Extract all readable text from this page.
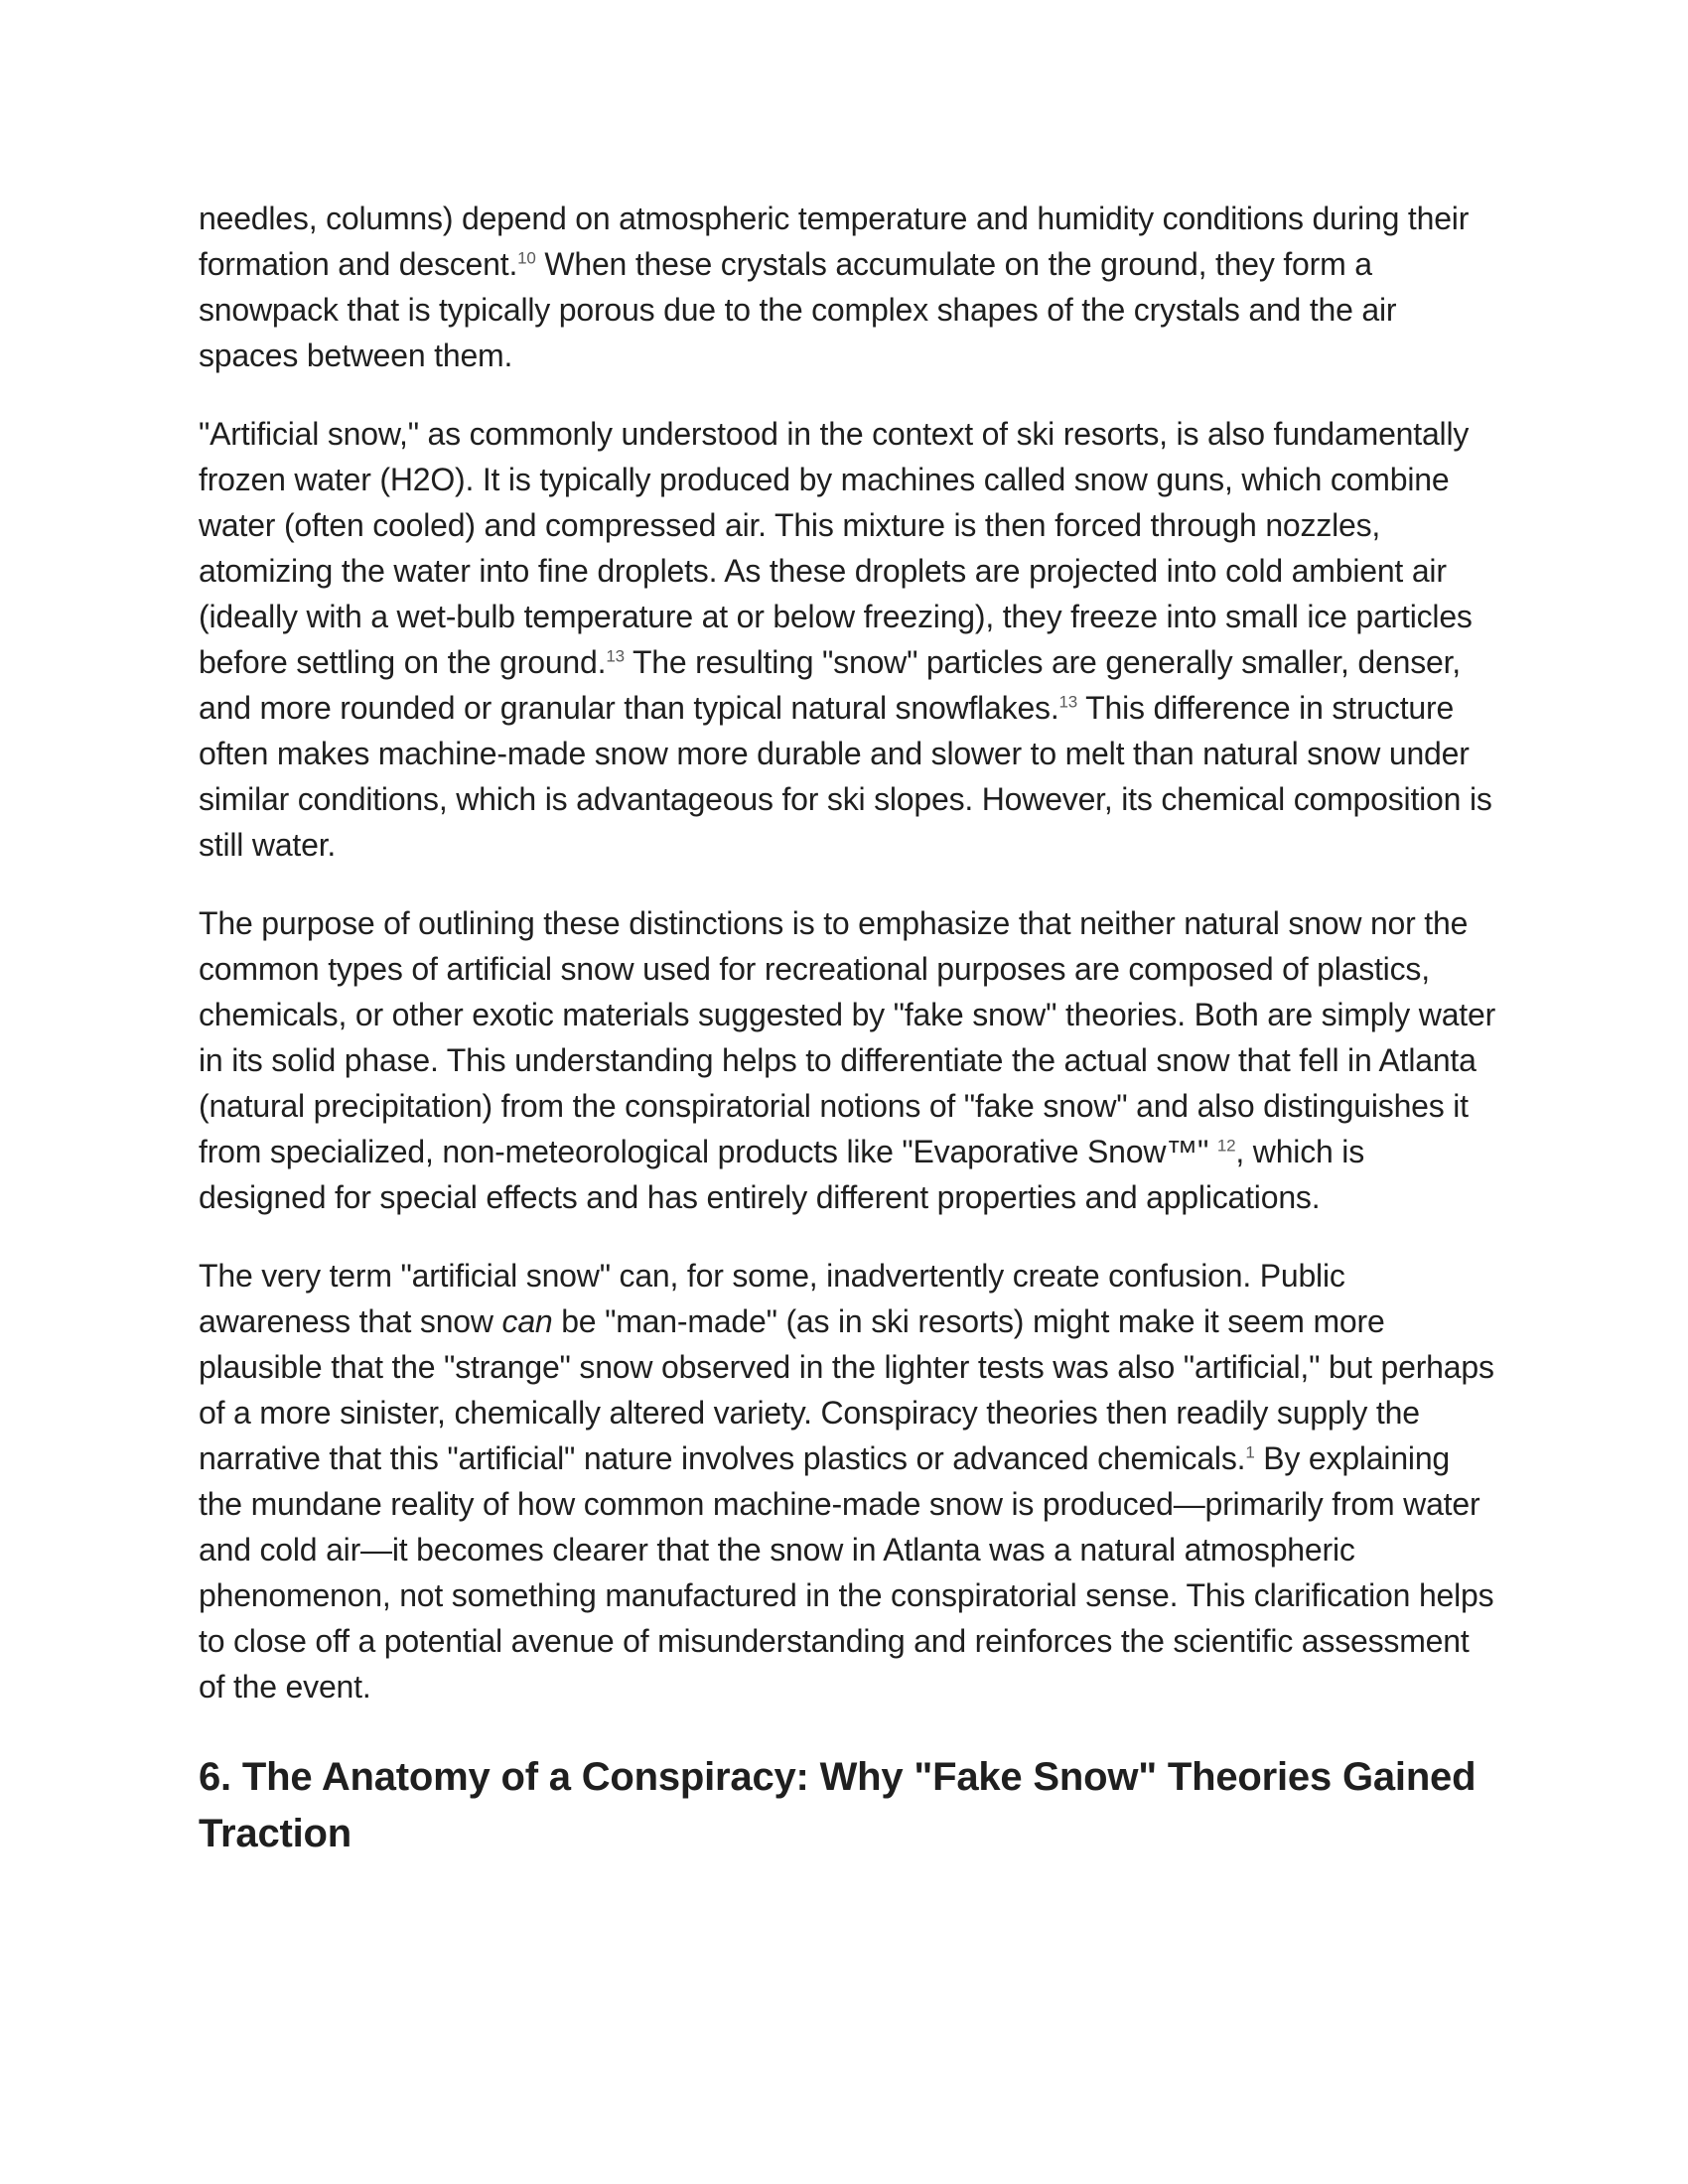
needles, columns) depend on atmospheric temperature and humidity conditions during their formation and descent.$^{10}$ When these crystals accumulate on the ground, they form a snowpack that is typically porous due to the complex shapes of the crystals and the air spaces between them.

"Artificial snow," as commonly understood in the context of ski resorts, is also fundamentally frozen water (H2O). It is typically produced by machines called snow guns, which combine water (often cooled) and compressed air. This mixture is then forced through nozzles, atomizing the water into fine droplets. As these droplets are projected into cold ambient air (ideally with a wet-bulb temperature at or below freezing), they freeze into small ice particles before settling on the ground.$^{13}$ The resulting "snow" particles are generally smaller, denser, and more rounded or granular than typical natural snowflakes.$^{13}$ This difference in structure often makes machine-made snow more durable and slower to melt than natural snow under similar conditions, which is advantageous for ski slopes. However, its chemical composition is still water.

The purpose of outlining these distinctions is to emphasize that neither natural snow nor the common types of artificial snow used for recreational purposes are composed of plastics, chemicals, or other exotic materials suggested by "fake snow" theories. Both are simply water in its solid phase. This understanding helps to differentiate the actual snow that fell in Atlanta (natural precipitation) from the conspiratorial notions of "fake snow" and also distinguishes it from specialized, non-meteorological products like "Evaporative Snow™" $^{12}$, which is designed for special effects and has entirely different properties and applications.

The very term "artificial snow" can, for some, inadvertently create confusion. Public awareness that snow can be "man-made" (as in ski resorts) might make it seem more plausible that the "strange" snow observed in the lighter tests was also "artificial," but perhaps of a more sinister, chemically altered variety. Conspiracy theories then readily supply the narrative that this "artificial" nature involves plastics or advanced chemicals.$^1$ By explaining the mundane reality of how common machine-made snow is produced—primarily from water and cold air—it becomes clearer that the snow in Atlanta was a natural atmospheric phenomenon, not something manufactured in the conspiratorial sense. This clarification helps to close off a potential avenue of misunderstanding and reinforces the scientific assessment of the event.

6. The Anatomy of a Conspiracy: Why "Fake Snow" Theories Gained Traction
